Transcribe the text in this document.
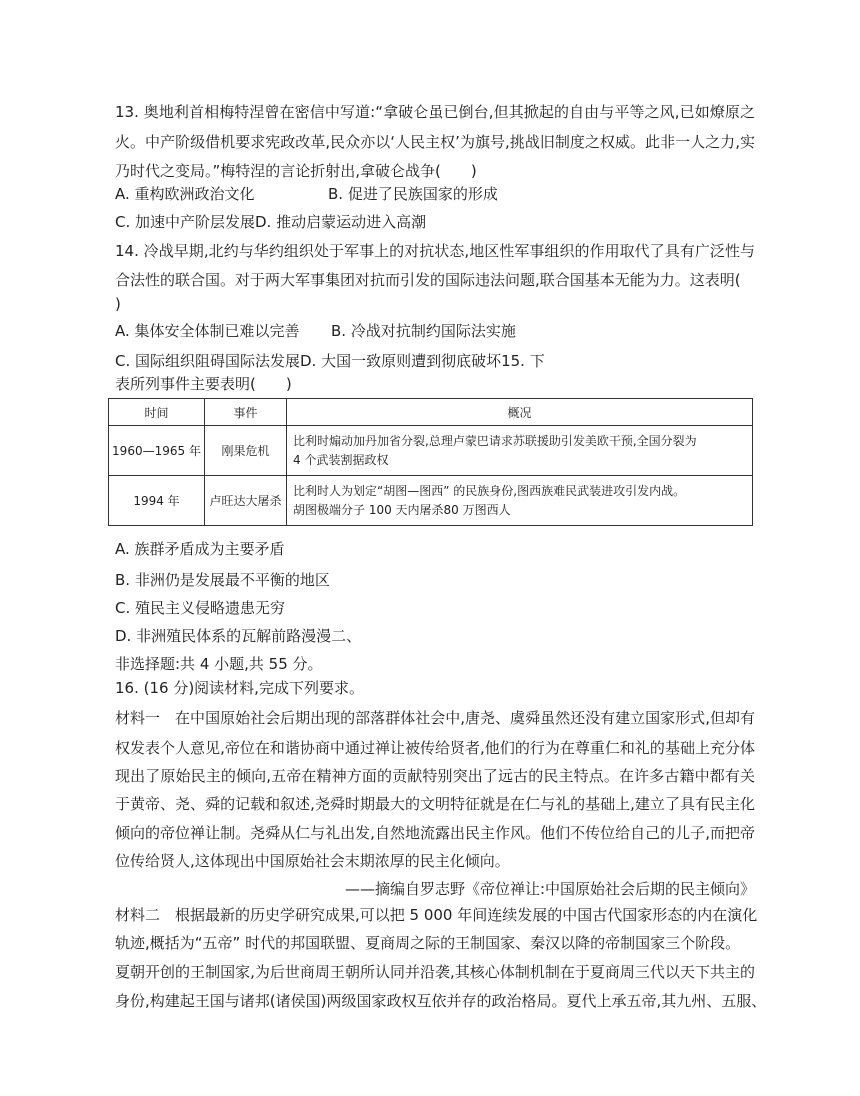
13. 奥地利首相梅特涅曾在密信中写道:“拿破仑虽已倒台,但其掀起的自由与平等之风,已如燎原之
火。中产阶级借机要求宪政改革,民众亦以‘人民主权’为旗号,挑战旧制度之权威。此非一人之力,实
乃时代之变局。”梅特涅的言论折射出,拿破仑战争(　　)
A. 重构欧洲政治文化	B. 促进了民族国家的形成
C. 加速中产阶层发展D. 推动启蒙运动进入高潮
14. 冷战早期,北约与华约组织处于军事上的对抗状态,地区性军事组织的作用取代了具有广泛性与
合法性的联合国。对于两大军事集团对抗而引发的国际违法问题,联合国基本无能为力。这表明(
)
A. 集体安全体制已难以完善	B. 冷战对抗制约国际法实施
C. 国际组织阻碍国际法发展D. 大国一致原则遭到彻底破坏15. 下
表所列事件主要表明(　　)
时间	事件	概况
1960—1965 年	刚果危机	比利时煽动加丹加省分裂,总理卢蒙巴请求苏联援助引发美欧干预,全国分裂为
4 个武装割据政权

1994 年	卢旺达大屠杀	比利时人为划定“胡图—图西” 的民族身份,图西族难民武装进攻引发内战。
胡图极端分子 100 天内屠杀80 万图西人
A. 族群矛盾成为主要矛盾
B. 非洲仍是发展最不平衡的地区
C. 殖民主义侵略遗患无穷
D. 非洲殖民体系的瓦解前路漫漫二、
非选择题:共 4 小题,共 55 分。
16. (16 分)阅读材料,完成下列要求。
材料一　在中国原始社会后期出现的部落群体社会中,唐尧、虞舜虽然还没有建立国家形式,但却有
权发表个人意见,帝位在和谐协商中通过禅让被传给贤者,他们的行为在尊重仁和礼的基础上充分体
现出了原始民主的倾向,五帝在精神方面的贡献特别突出了远古的民主特点。在许多古籍中都有关
于黄帝、尧、舜的记载和叙述,尧舜时期最大的文明特征就是在仁与礼的基础上,建立了具有民主化
倾向的帝位禅让制。尧舜从仁与礼出发,自然地流露出民主作风。他们不传位给自己的儿子,而把帝
位传给贤人,这体现出中国原始社会末期浓厚的民主化倾向。
——摘编自罗志野《帝位禅让:中国原始社会后期的民主倾向》
材料二　根据最新的历史学研究成果,可以把 5 000 年间连续发展的中国古代国家形态的内在演化
轨迹,概括为“五帝” 时代的邦国联盟、夏商周之际的王制国家、秦汉以降的帝制国家三个阶段。
夏朝开创的王制国家,为后世商周王朝所认同并沿袭,其核心体制机制在于夏商周三代以天下共主的
身份,构建起王国与诸邦(诸侯国)两级国家政权互依并存的政治格局。夏代上承五帝,其九州、五服、
